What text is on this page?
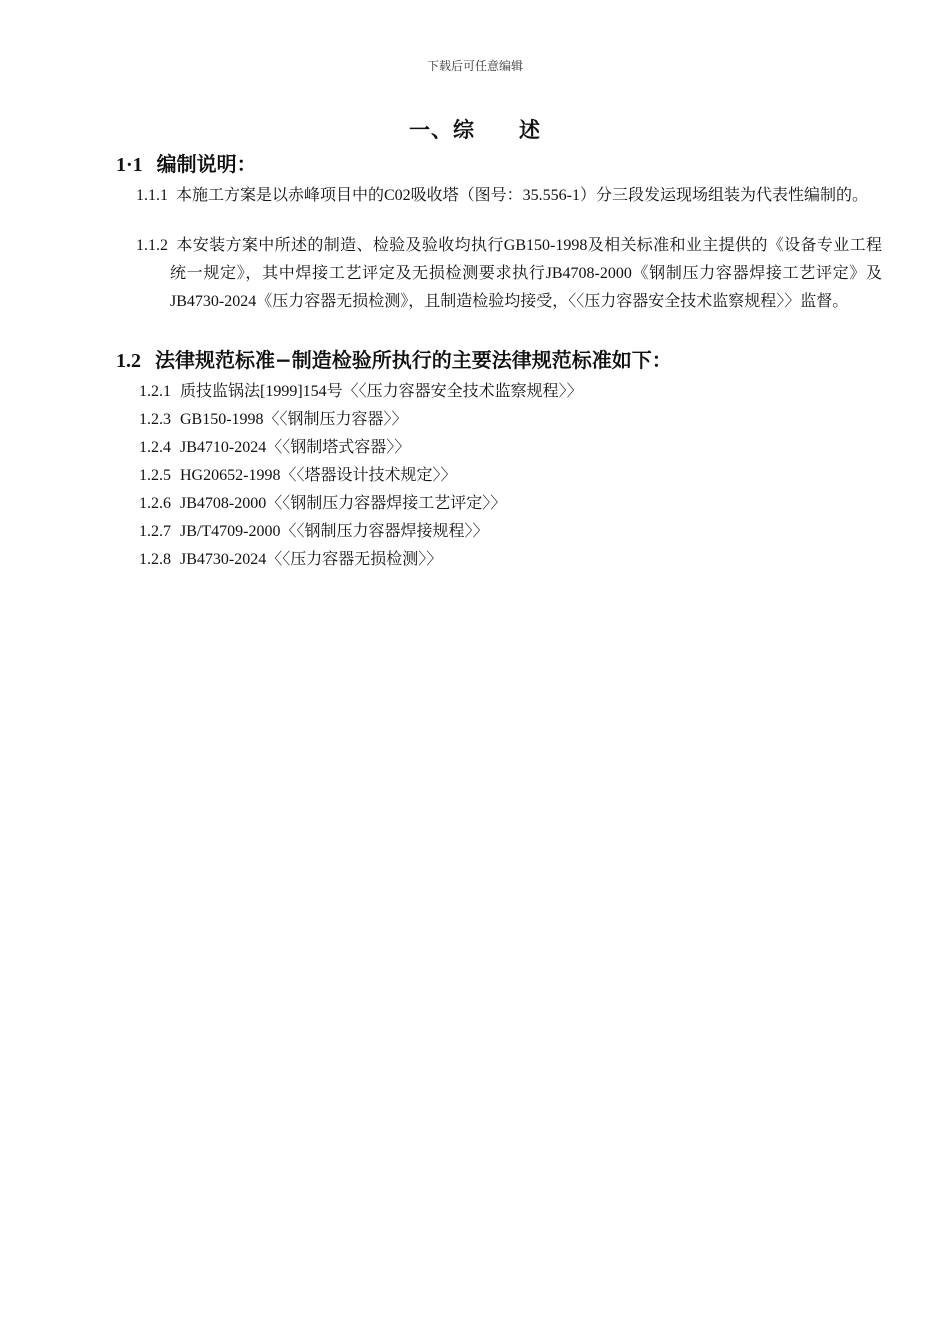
下载后可任意编辑
一、综　　述
1·1 编制说明：
1.1.1 本施工方案是以赤峰项目中的C02吸收塔（图号：35.556-1）分三段发运现场组装为代表性编制的。
1.1.2 本安装方案中所述的制造、检验及验收均执行GB150-1998及相关标准和业主提供的《设备专业工程统一规定》，其中焊接工艺评定及无损检测要求执行JB4708-2000《钢制压力容器焊接工艺评定》及JB4730-2024《压力容器无损检测》，且制造检验均接受，〈〈压力容器安全技术监察规程〉〉监督。
1.2 法律规范标准−制造检验所执行的主要法律规范标准如下：
1.2.1 质技监锅法[1999]154号〈〈压力容器安全技术监察规程〉〉
1.2.3 GB150-1998〈〈钢制压力容器〉〉
1.2.4 JB4710-2024〈〈钢制塔式容器〉〉
1.2.5 HG20652-1998〈〈塔器设计技术规定〉〉
1.2.6 JB4708-2000〈〈钢制压力容器焊接工艺评定〉〉
1.2.7 JB/T4709-2000〈〈钢制压力容器焊接规程〉〉
1.2.8 JB4730-2024〈〈压力容器无损检测〉〉
